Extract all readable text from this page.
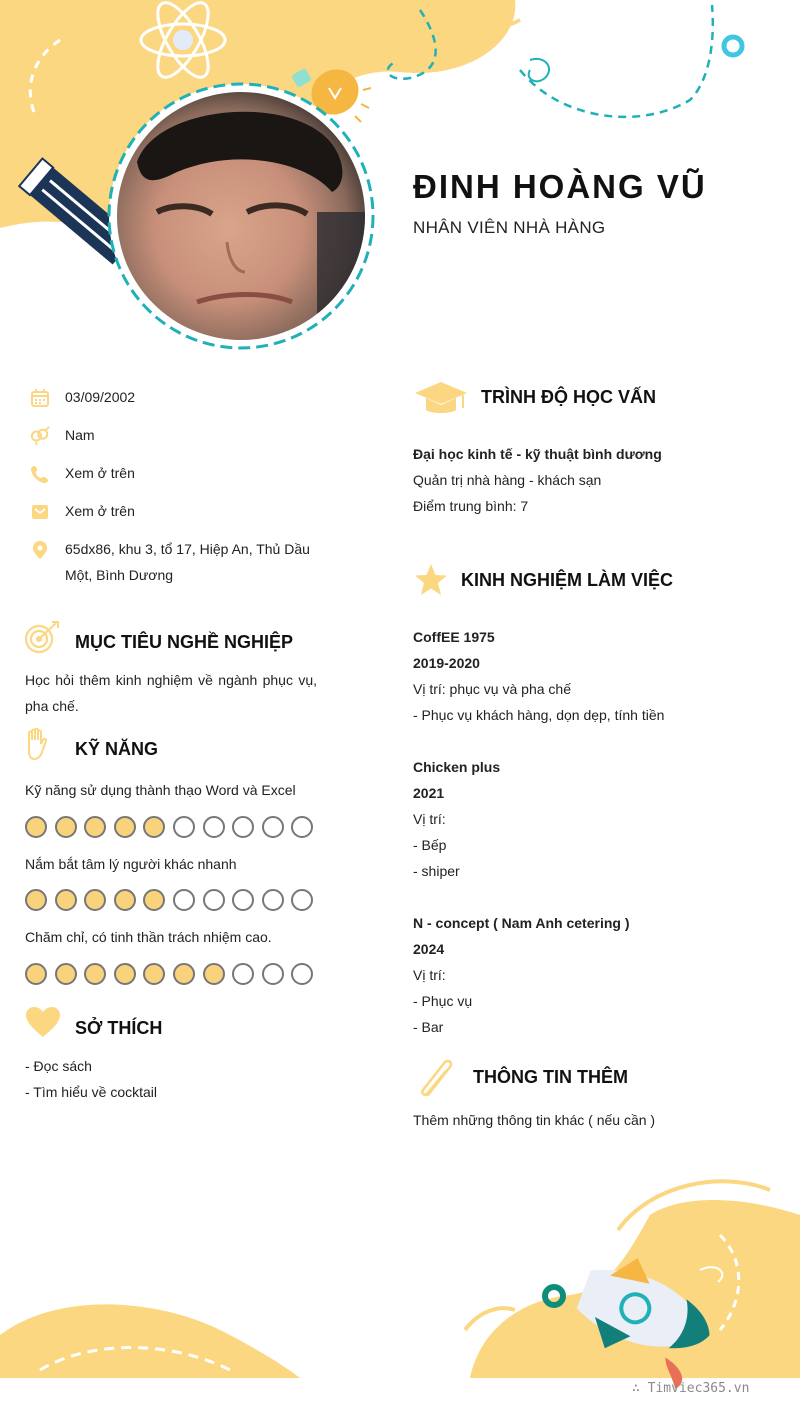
ĐINH HOÀNG VŨ
NHÂN VIÊN NHÀ HÀNG
03/09/2002
Nam
Xem ở trên
Xem ở trên
65dx86, khu 3, tổ 17, Hiệp An, Thủ Dầu Một, Bình Dương
MỤC TIÊU NGHỀ NGHIỆP
Học hỏi thêm kinh nghiệm về ngành phục vụ, pha chế.
KỸ NĂNG
Kỹ năng sử dụng thành thạo Word và Excel
Nắm bắt tâm lý người khác nhanh
Chăm chỉ, có tinh thần trách nhiệm cao.
SỞ THÍCH
- Đọc sách
- Tìm hiểu về cocktail
TRÌNH ĐỘ HỌC VẤN
Đại học kinh tế - kỹ thuật bình dương
Quản trị nhà hàng - khách sạn
Điểm trung bình: 7
KINH NGHIỆM LÀM VIỆC
CoffEE 1975
2019-2020
Vị trí: phục vụ và pha chế
- Phục vụ khách hàng, dọn dẹp, tính tiền
Chicken plus
2021
Vị trí:
- Bếp
- shiper
N - concept ( Nam Anh cetering )
2024
Vị trí:
- Phục vụ
- Bar
THÔNG TIN THÊM
Thêm những thông tin khác ( nếu cần )
∴ Timviec365.vn
